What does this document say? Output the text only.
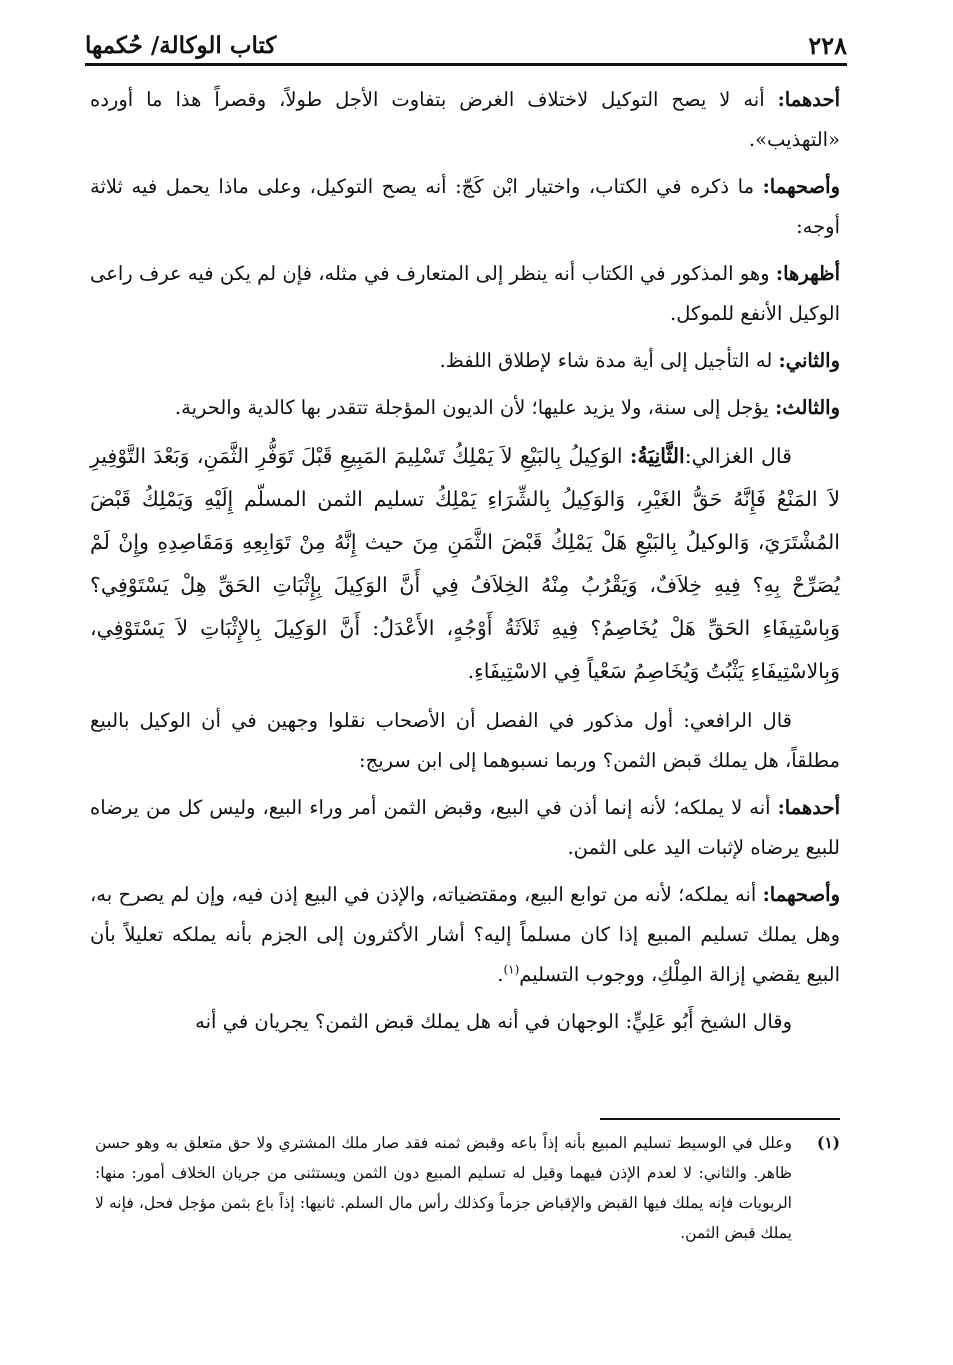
٢٢٨
كتاب الوكالة/ حُكمها

أحدهما: أنه لا يصح التوكيل لاختلاف الغرض بتفاوت الأجل طولاً، وقصراً هذا ما أورده «التهذيب».

وأصحهما: ما ذكره في الكتاب، واختيار ابْن كَجّ: أنه يصح التوكيل، وعلى ماذا يحمل فيه ثلاثة أوجه:

أظهرها: وهو المذكور في الكتاب أنه ينظر إلى المتعارف في مثله، فإن لم يكن فيه عرف راعى الوكيل الأنفع للموكل.

والثاني: له التأجيل إلى أية مدة شاء لإطلاق اللفظ.

والثالث: يؤجل إلى سنة، ولا يزيد عليها؛ لأن الديون المؤجلة تتقدر بها كالدية والحرية.

قال الغزالي:الثَّانِيَةُ: الوَكِيلُ بِالبَيْعِ لاَ يَمْلِكُ تَسْلِيمَ المَبِيعِ قَبْلَ تَوَفُّرِ الثَّمَنِ، وَبَعْدَ التَّوْفِيرِ لاَ المَنْعُ فَإِنَّهُ حَقُّ الغَيْرِ، وَالوَكِيلُ بِالشِّرَاءِ يَمْلِكُ تسليم الثمن المسلّم إِلَيْهِ وَيَمْلِكُ قَبْضَ المُشْتَرَيَ، وَالوكيلُ بِالبَيْعِ هَلْ يَمْلِكُ قَبْضَ الثَّمَنِ مِنَ حيث إِنَّهُ مِنْ تَوَابِعِهِ وَمَقَاصِدِهِ وإِنْ لَمْ يُصَرِّحْ بِهِ؟ فِيهِ خِلاَفٌ، وَيَقْرُبُ مِنْهُ الخِلاَفُ فِي أَنَّ الوَكِيلَ بِإِثْبَاتِ الحَقِّ هِلْ يَسْتَوْفِي؟ وَبِاسْتِيفَاءِ الحَقِّ هَلْ يُخَاصِمُ؟ فِيهِ ثَلاَثَةُ أَوْجُهٍ، الأَعْدَلُ: أَنَّ الوَكِيلَ بِالإِثْبَاتِ لاَ يَسْتَوْفِي، وَبِالاسْتِيفَاءِ يَثْبُتُ وَيُخَاصِمُ سَعْياً فِي الاسْتِيفَاءِ.

قال الرافعي: أول مذكور في الفصل أن الأصحاب نقلوا وجهين في أن الوكيل بالبيع مطلقاً، هل يملك قبض الثمن؟ وربما نسبوهما إلى ابن سريج:

أحدهما: أنه لا يملكه؛ لأنه إنما أذن في البيع، وقبض الثمن أمر وراء البيع، وليس كل من يرضاه للبيع يرضاه لإثبات اليد على الثمن.

وأصحهما: أنه يملكه؛ لأنه من توابع البيع، ومقتضياته، والإذن في البيع إذن فيه، وإن لم يصرح به، وهل يملك تسليم المبيع إذا كان مسلماً إليه؟ أشار الأكثرون إلى الجزم بأنه يملكه تعليلاً بأن البيع يقضي إزالة المِلْكِ، ووجوب التسليم$^{(١)}$.

وقال الشيخ أَبُو عَلِيٍّ: الوجهان في أنه هل يملك قبض الثمن؟ يجريان في أنه

(١)
وعلل في الوسيط تسليم المبيع بأنه إذاً باعه وقبض ثمنه فقد صار ملك المشتري ولا حق متعلق به وهو حسن ظاهر. والثاني: لا لعدم الإذن فيهما وقيل له تسليم المبيع دون الثمن ويستثنى من جريان الخلاف أمور: منها: الربويات فإنه يملك فيها القبض والإقباض جزماً وكذلك رأس مال السلم. ثانيها: إذاً باع بثمن مؤجل فحل، فإنه لا يملك قبض الثمن.
